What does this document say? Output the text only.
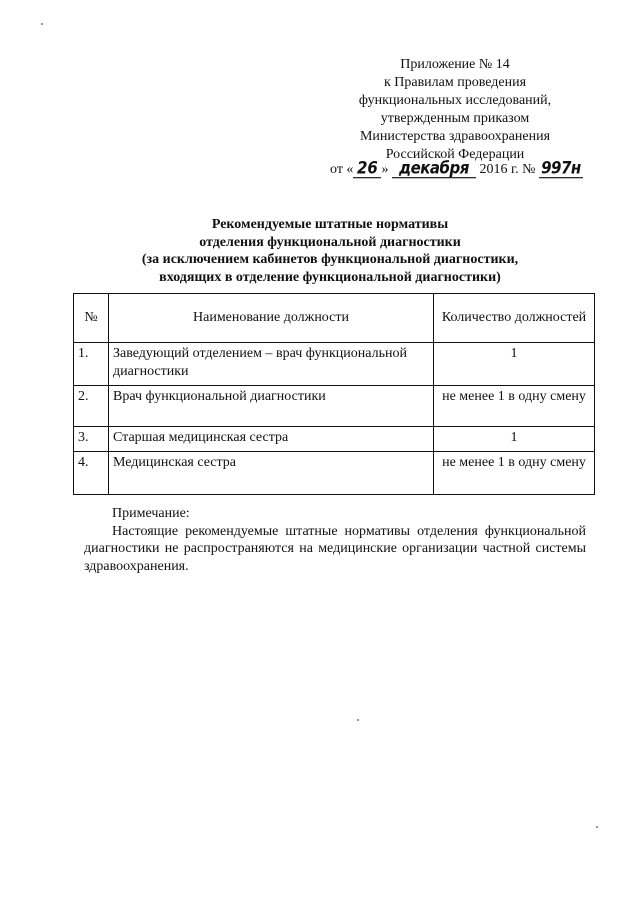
Приложение № 14
к Правилам проведения
функциональных исследований,
утвержденным приказом
Министерства здравоохранения
Российской Федерации
от « 26 » декабря 2016 г. № 997н
Рекомендуемые штатные нормативы
отделения функциональной диагностики
(за исключением кабинетов функциональной диагностики,
входящих в отделение функциональной диагностики)
№	Наименование должности	Количество должностей
1.	Заведующий отделением – врач функциональной диагностики	1
2.	Врач функциональной диагностики	не менее 1 в одну смену
3.	Старшая медицинская сестра	1
4.	Медицинская сестра	не менее 1 в одну смену
Примечание:
Настоящие рекомендуемые штатные нормативы отделения функциональной диагностики не распространяются на медицинские организации частной системы здравоохранения.
